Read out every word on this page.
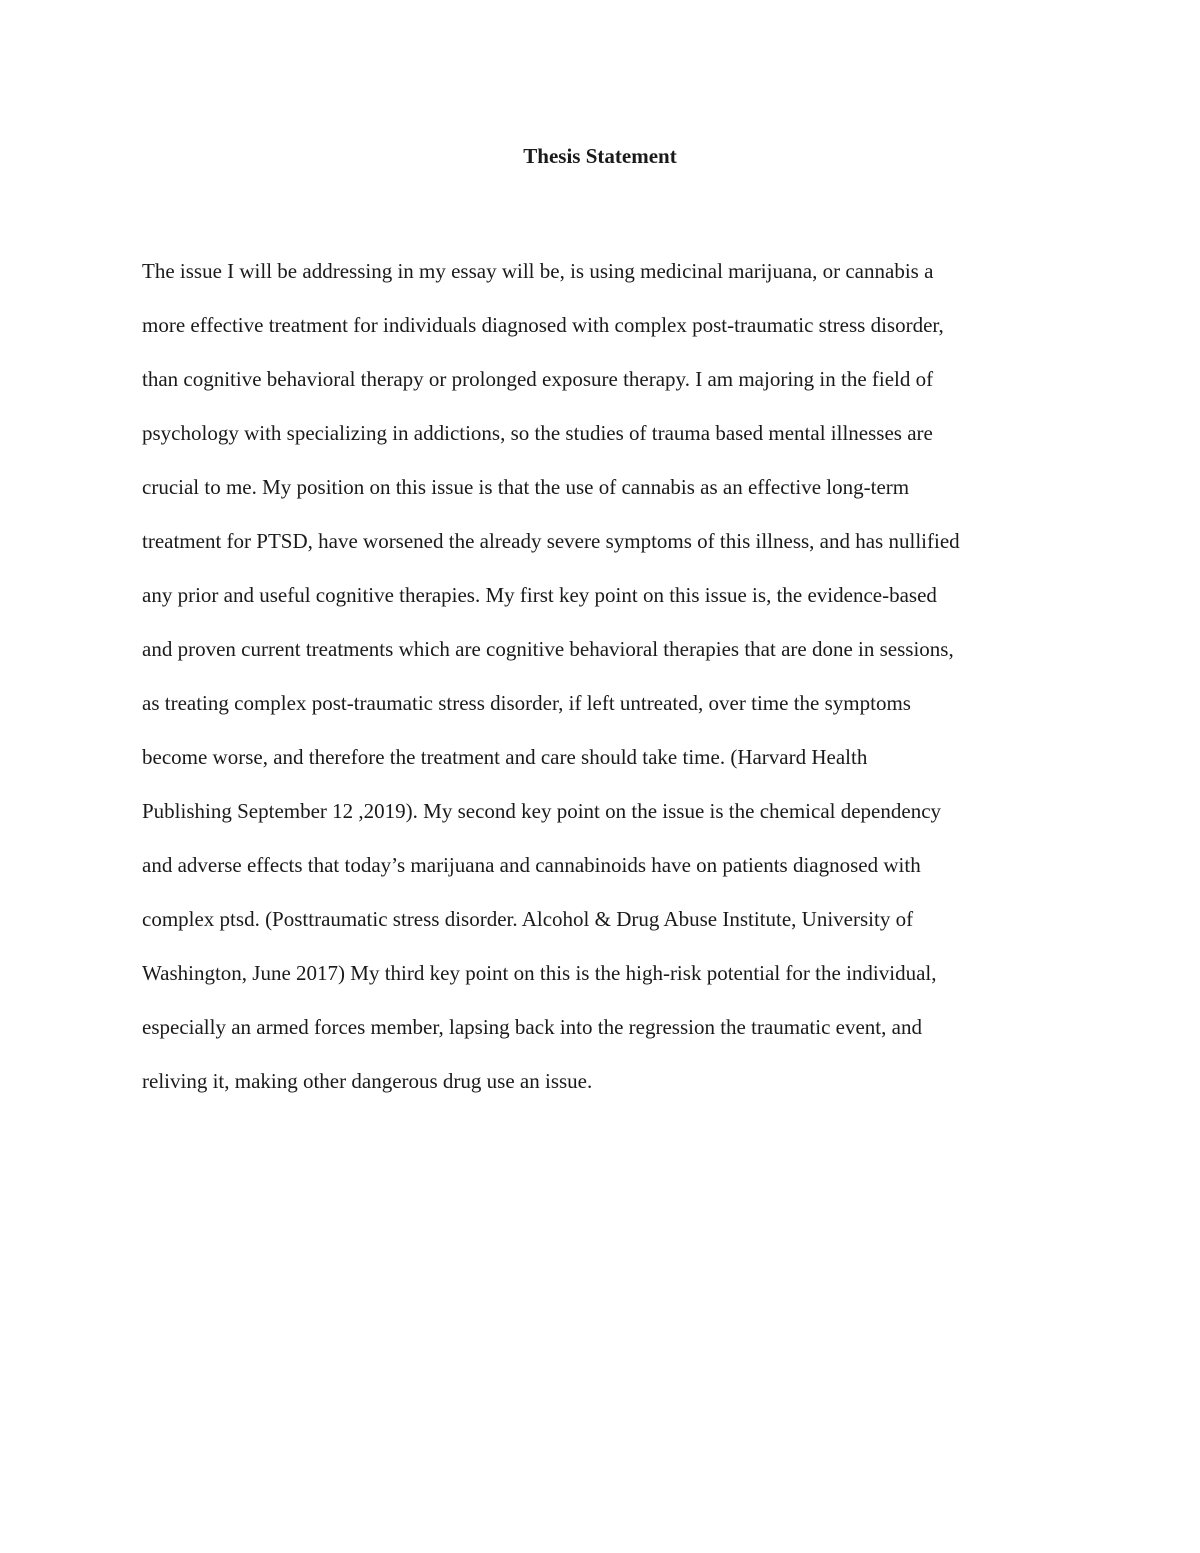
Thesis Statement
The issue I will be addressing in my essay will be, is using medicinal marijuana, or cannabis a
more effective treatment for individuals diagnosed with complex post-traumatic stress disorder,
than cognitive behavioral therapy or prolonged exposure therapy. I am majoring in the field of
psychology with specializing in addictions, so the studies of trauma based mental illnesses are
crucial to me. My position on this issue is that the use of cannabis as an effective long-term
treatment for PTSD, have worsened the already severe symptoms of this illness, and has nullified
any prior and useful cognitive therapies. My first key point on this issue is, the evidence-based
and proven current treatments which are cognitive behavioral therapies that are done in sessions,
as treating complex post-traumatic stress disorder, if left untreated, over time the symptoms
become worse, and therefore the treatment and care should take time. (Harvard Health
Publishing September 12 ,2019). My second key point on the issue is the chemical dependency
and adverse effects that today’s marijuana and cannabinoids have on patients diagnosed with
complex ptsd. (Posttraumatic stress disorder. Alcohol & Drug Abuse Institute, University of
Washington, June 2017) My third key point on this is the high-risk potential for the individual,
especially an armed forces member, lapsing back into the regression the traumatic event, and
reliving it, making other dangerous drug use an issue.
